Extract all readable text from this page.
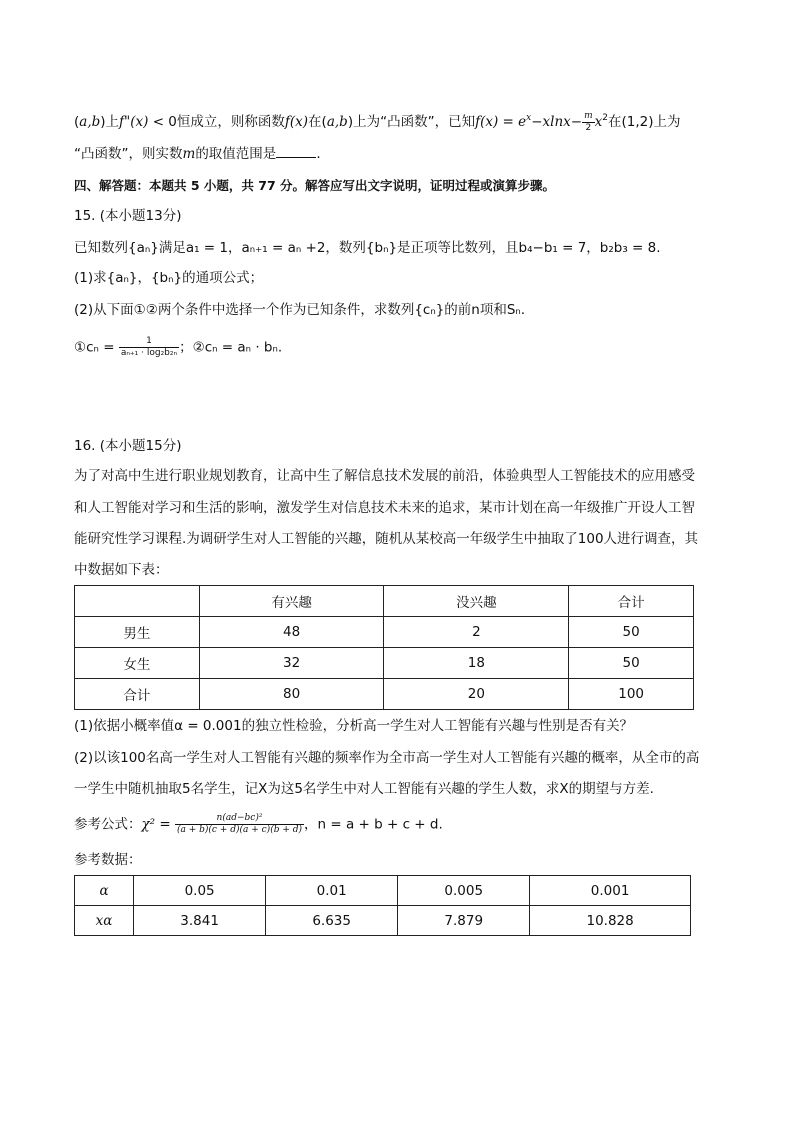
(a,b)上f"(x) < 0恒成立，则称函数f(x)在(a,b)上为“凸函数”，已知$f(x) = e^x-xlnx- \frac{m}{2} x^2$在(1,2)上为
“凸函数”，则实数m的取值范围是	.
四、解答题：本题共 5 小题，共 77 分。解答应写出文字说明，证明过程或演算步骤。
15. (本小题13分)
已知数列{aₙ}满足a₁ = 1，aₙ₊₁ = aₙ +2，数列{bₙ}是正项等比数列，且b₄−b₁ = 7，b₂b₃ = 8.
(1)求{aₙ}，{bₙ}的通项公式；
(2)从下面①②两个条件中选择一个作为已知条件，求数列{cₙ}的前n项和Sₙ.
①cₙ = $\frac{1}{\text{aₙ₊₁ · log₂b₂ₙ}}$ ；②cₙ = aₙ · bₙ.
16. (本小题15分)
为了对高中生进行职业规划教育，让高中生了解信息技术发展的前沿，体验典型人工智能技术的应用感受
和人工智能对学习和生活的影响，激发学生对信息技术未来的追求，某市计划在高一年级推广开设人工智
能研究性学习课程.为调研学生对人工智能的兴趣，随机从某校高一年级学生中抽取了100人进行调查，其
中数据如下表：
	有兴趣	没兴趣	合计
男生	48	2	50
女生	32	18	50
合计	80	20	100
(1)依据小概率值α = 0.001的独立性检验，分析高一学生对人工智能有兴趣与性别是否有关？
(2)以该100名高一学生对人工智能有兴趣的频率作为全市高一学生对人工智能有兴趣的概率，从全市的高
一学生中随机抽取5名学生，记X为这5名学生中对人工智能有兴趣的学生人数，求X的期望与方差.
参考公式：$\chi^2 = \frac{\text{n(ad−bc)²}}{(a + b)(c + d)(a + c)(b + d)}$ ，n = a + b + c + d.
参考数据：
α	0.05	0.01	0.005	0.001
xα	3.841	6.635	7.879	10.828
